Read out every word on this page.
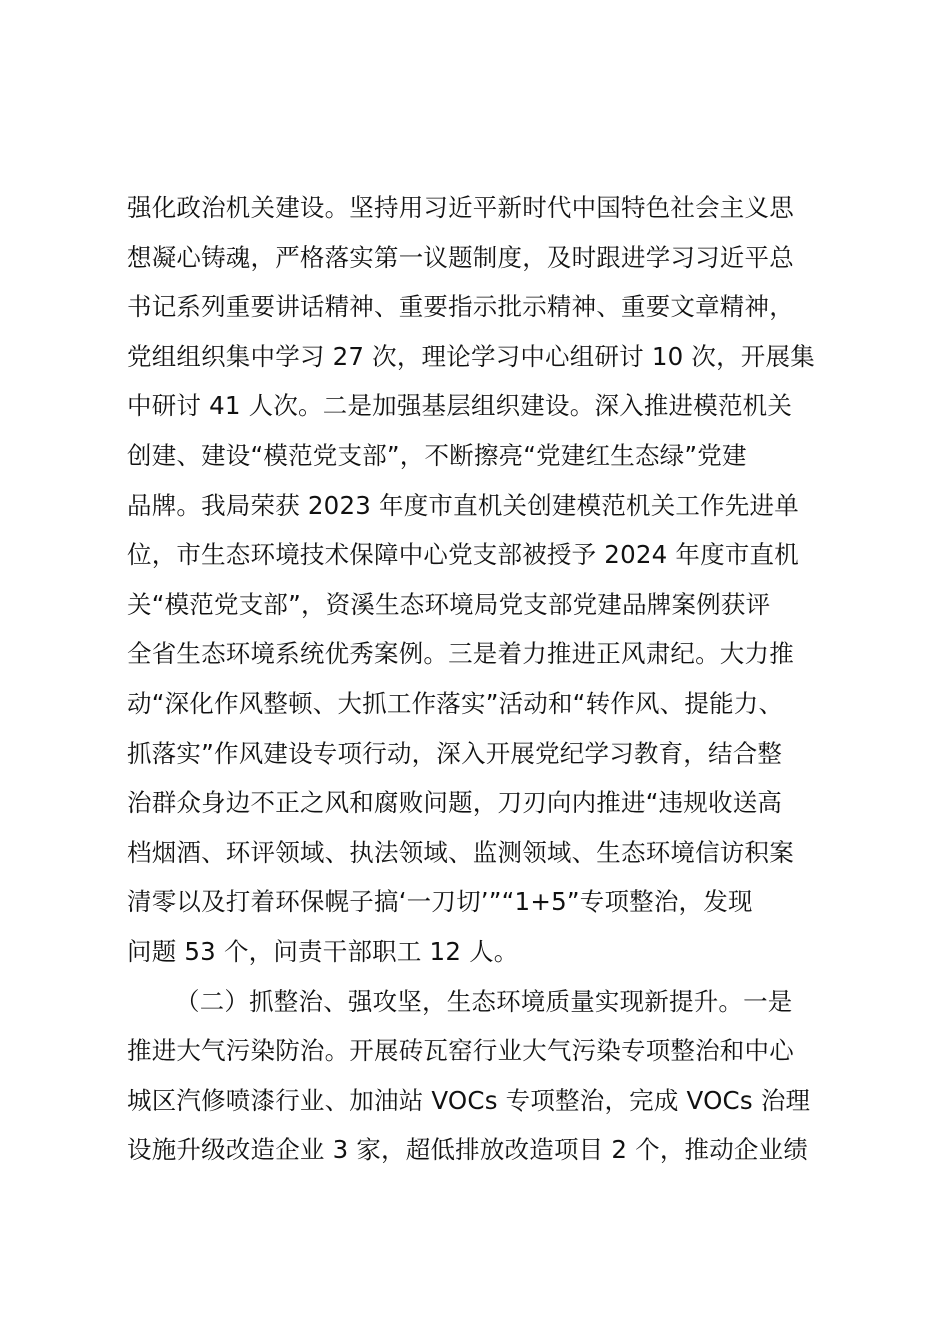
强化政治机关建设。坚持用习近平新时代中国特色社会主义思
想凝心铸魂，严格落实第一议题制度，及时跟进学习习近平总
书记系列重要讲话精神、重要指示批示精神、重要文章精神，
党组组织集中学习 27 次，理论学习中心组研讨 10 次，开展集
中研讨 41 人次。二是加强基层组织建设。深入推进模范机关
创建、建设“模范党支部”，不断擦亮“党建红生态绿”党建
品牌。我局荣获 2023 年度市直机关创建模范机关工作先进单
位，市生态环境技术保障中心党支部被授予 2024 年度市直机
关“模范党支部”，资溪生态环境局党支部党建品牌案例获评
全省生态环境系统优秀案例。三是着力推进正风肃纪。大力推
动“深化作风整顿、大抓工作落实”活动和“转作风、提能力、
抓落实”作风建设专项行动，深入开展党纪学习教育，结合整
治群众身边不正之风和腐败问题，刀刃向内推进“违规收送高
档烟酒、环评领域、执法领域、监测领域、生态环境信访积案
清零以及打着环保幌子搞‘一刀切’”“1+5”专项整治，发现
问题 53 个，问责干部职工 12 人。
（二）抓整治、强攻坚，生态环境质量实现新提升。一是
推进大气污染防治。开展砖瓦窑行业大气污染专项整治和中心
城区汽修喷漆行业、加油站 VOCs 专项整治，完成 VOCs 治理
设施升级改造企业 3 家，超低排放改造项目 2 个，推动企业绩
